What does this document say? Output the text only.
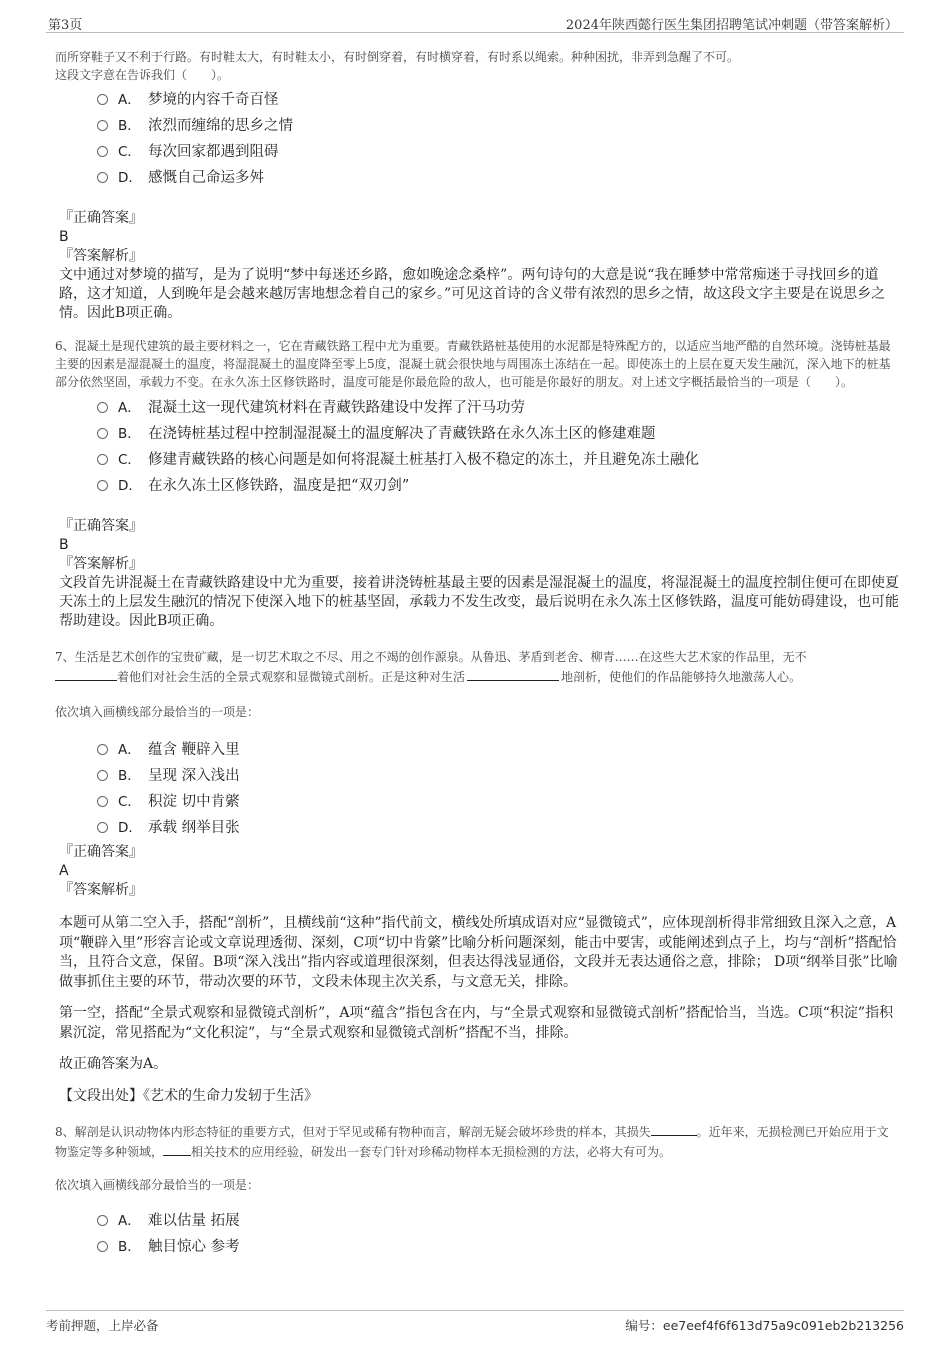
第3页	2024年陕西懿行医生集团招聘笔试冲刺题（带答案解析）

而所穿鞋子又不利于行路。有时鞋太大，有时鞋太小，有时倒穿着，有时横穿着，有时系以绳索。种种困扰，非弄到急醒了不可。
这段文字意在告诉我们（　　）。

A． 梦境的内容千奇百怪
B． 浓烈而缠绵的思乡之情
C． 每次回家都遇到阻碍
D． 感慨自己命运多舛

『正确答案』

B

『答案解析』

文中通过对梦境的描写，是为了说明“梦中每迷还乡路，愈如晚途念桑梓”。两句诗句的大意是说“我在睡梦中常常痴迷于寻找回乡的道路，这才知道，人到晚年是会越来越厉害地想念着自己的家乡。”可见这首诗的含义带有浓烈的思乡之情，故这段文字主要是在说思乡之情。因此B项正确。

6、混凝土是现代建筑的最主要材料之一，它在青藏铁路工程中尤为重要。青藏铁路桩基使用的水泥都是特殊配方的，以适应当地严酷的自然环境。浇铸桩基最主要的因素是湿混凝土的温度，将湿混凝土的温度降至零上5度，混凝土就会很快地与周围冻土冻结在一起。即使冻土的上层在夏天发生融沉，深入地下的桩基部分依然坚固，承载力不变。在永久冻土区修铁路时，温度可能是你最危险的敌人，也可能是你最好的朋友。对上述文字概括最恰当的一项是（　　）。

A． 混凝土这一现代建筑材料在青藏铁路建设中发挥了汗马功劳
B． 在浇铸桩基过程中控制湿混凝土的温度解决了青藏铁路在永久冻土区的修建难题
C． 修建青藏铁路的核心问题是如何将混凝土桩基打入极不稳定的冻土，并且避免冻土融化
D． 在永久冻土区修铁路，温度是把“双刃剑”

『正确答案』

B

『答案解析』

文段首先讲混凝土在青藏铁路建设中尤为重要，接着讲浇铸桩基最主要的因素是湿混凝土的温度，将湿混凝土的温度控制住便可在即使夏天冻土的上层发生融沉的情况下使深入地下的桩基坚固，承载力不发生改变，最后说明在永久冻土区修铁路，温度可能妨碍建设，也可能帮助建设。因此B项正确。

7、生活是艺术创作的宝贵矿藏，是一切艺术取之不尽、用之不竭的创作源泉。从鲁迅、茅盾到老舍、柳青……在这些大艺术家的作品里，无不
着他们对社会生活的全景式观察和显微镜式剖析。正是这种对生活	地剖析，使他们的作品能够持久地激荡人心。

依次填入画横线部分最恰当的一项是：

A． 蕴含 鞭辟入里
B． 呈现 深入浅出
C． 积淀 切中肯綮
D． 承载 纲举目张

『正确答案』

A

『答案解析』

本题可从第二空入手，搭配“剖析”，且横线前“这种”指代前文，横线处所填成语对应“显微镜式”，应体现剖析得非常细致且深入之意，A项“鞭辟入里”形容言论或文章说理透彻、深刻，C项“切中肯綮”比喻分析问题深刻，能击中要害，或能阐述到点子上，均与“剖析”搭配恰当，且符合文意，保留。B项“深入浅出”指内容或道理很深刻，但表达得浅显通俗，文段并无表达通俗之意，排除； D项“纲举目张”比喻做事抓住主要的环节，带动次要的环节，文段未体现主次关系，与文意无关，排除。

第一空，搭配“全景式观察和显微镜式剖析”，A项“蕴含”指包含在内，与“全景式观察和显微镜式剖析”搭配恰当，当选。C项“积淀”指积累沉淀，常见搭配为“文化积淀”，与“全景式观察和显微镜式剖析”搭配不当，排除。

故正确答案为A。

【文段出处】《艺术的生命力发轫于生活》

8、解剖是认识动物体内形态特征的重要方式，但对于罕见或稀有物种而言，解剖无疑会破坏珍贵的样本，其损失	。近年来，无损检测已开始应用于文物鉴定等多种领域， 相关技术的应用经验，研发出一套专门针对珍稀动物样本无损检测的方法，必将大有可为。

依次填入画横线部分最恰当的一项是：

A． 难以估量 拓展
B． 触目惊心 参考
考前押题，上岸必备	编号：ee7eef4f6f613d75a9c091eb2b213256
